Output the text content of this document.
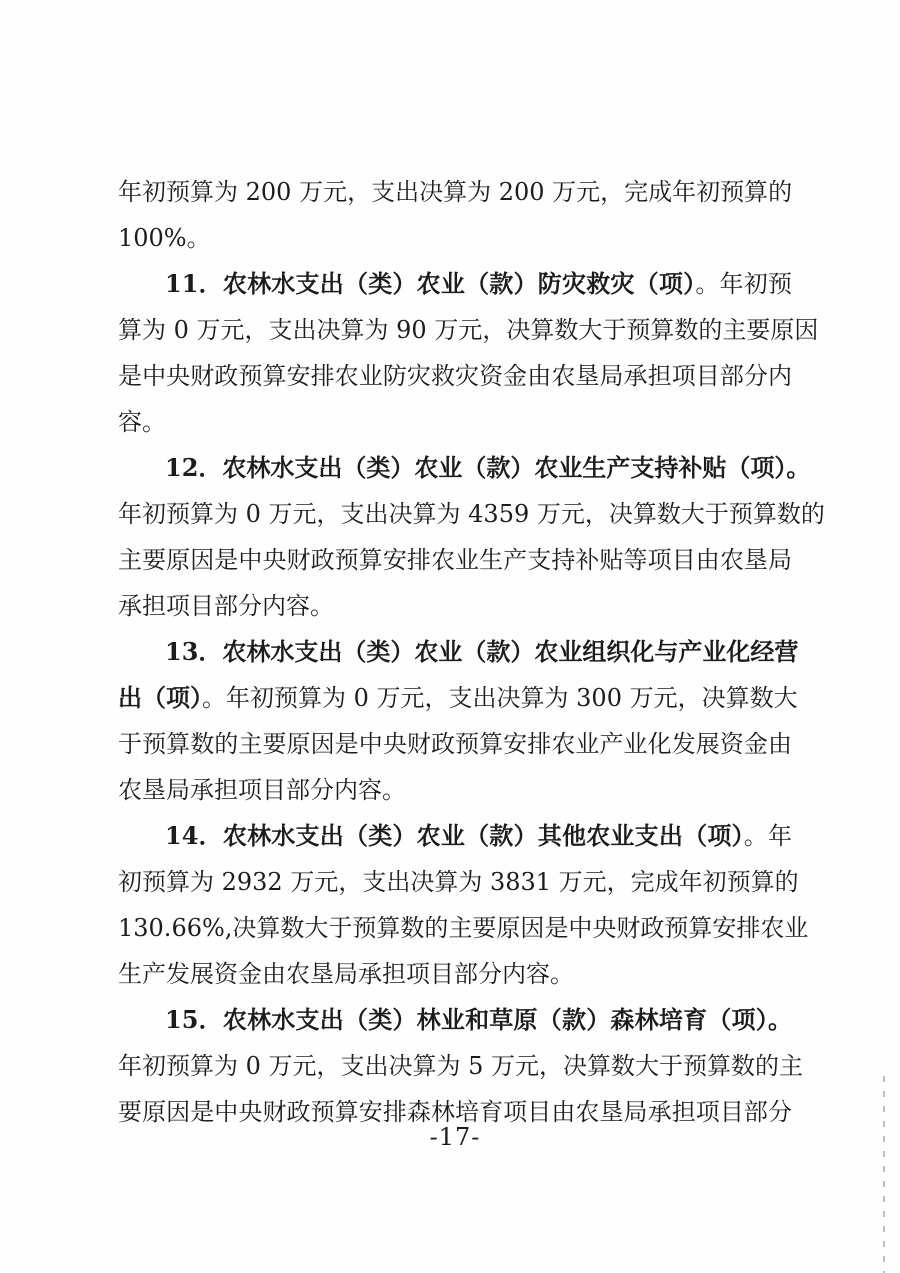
年初预算为 200 万元，支出决算为 200 万元，完成年初预算的
100%。
11．农林水支出（类）农业（款）防灾救灾（项）。年初预
算为 0 万元，支出决算为 90 万元，决算数大于预算数的主要原因
是中央财政预算安排农业防灾救灾资金由农垦局承担项目部分内
容。
12．农林水支出（类）农业（款）农业生产支持补贴（项）。
年初预算为 0 万元，支出决算为 4359 万元，决算数大于预算数的
主要原因是中央财政预算安排农业生产支持补贴等项目由农垦局
承担项目部分内容。
13．农林水支出（类）农业（款）农业组织化与产业化经营
出（项）。年初预算为 0 万元，支出决算为 300 万元，决算数大
于预算数的主要原因是中央财政预算安排农业产业化发展资金由
农垦局承担项目部分内容。
14．农林水支出（类）农业（款）其他农业支出（项）。年
初预算为 2932 万元，支出决算为 3831 万元，完成年初预算的
130.66%,决算数大于预算数的主要原因是中央财政预算安排农业
生产发展资金由农垦局承担项目部分内容。
15．农林水支出（类）林业和草原（款）森林培育（项）。
年初预算为 0 万元，支出决算为 5 万元，决算数大于预算数的主
要原因是中央财政预算安排森林培育项目由农垦局承担项目部分
-17-
